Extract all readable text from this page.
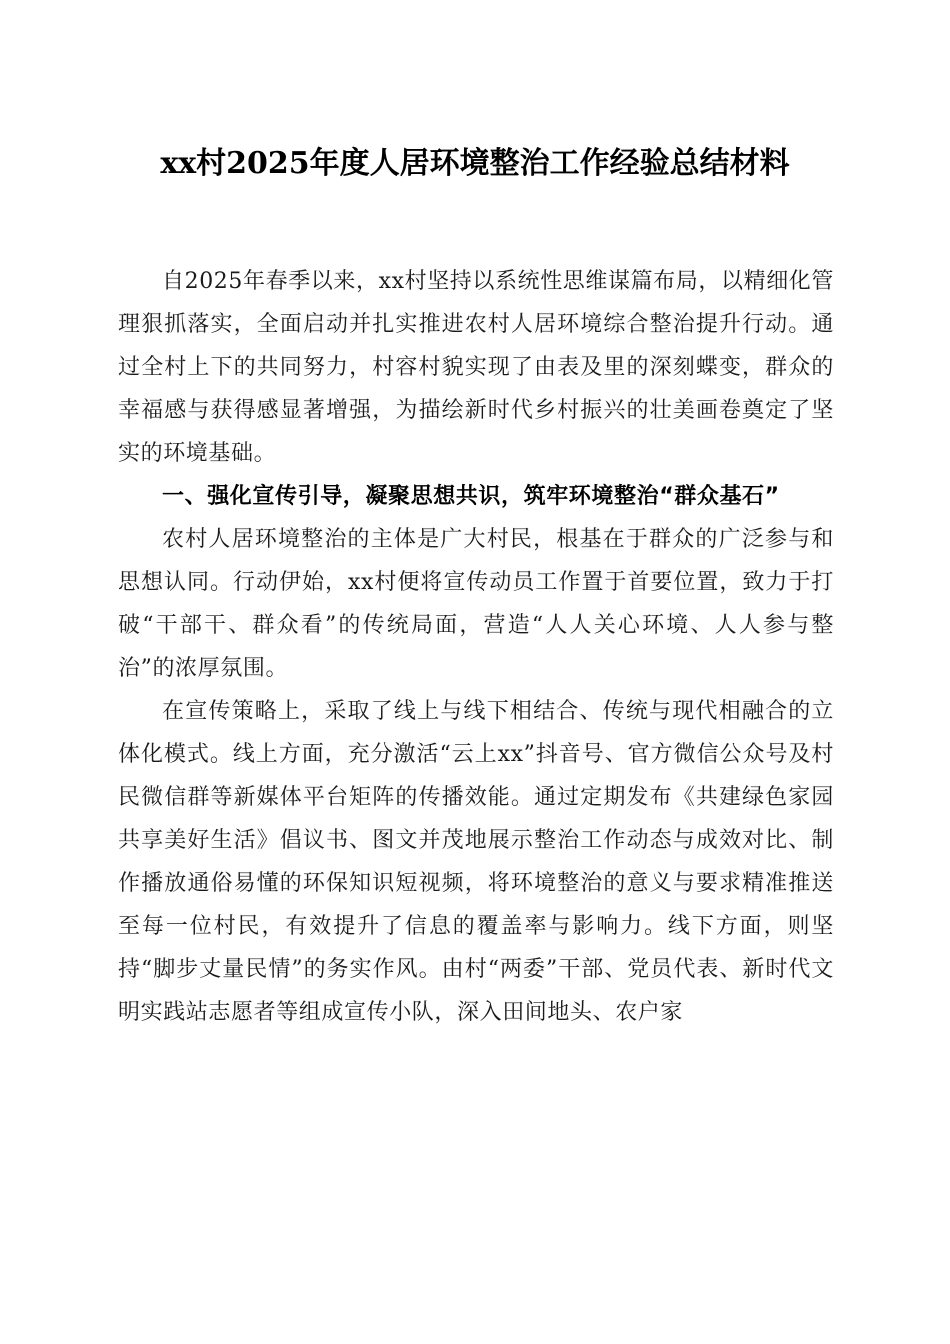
xx村2025年度人居环境整治工作经验总结材料

自2025年春季以来，xx村坚持以系统性思维谋篇布局，以精细化管理狠抓落实，全面启动并扎实推进农村人居环境综合整治提升行动。通过全村上下的共同努力，村容村貌实现了由表及里的深刻蝶变，群众的幸福感与获得感显著增强，为描绘新时代乡村振兴的壮美画卷奠定了坚实的环境基础。

一、强化宣传引导，凝聚思想共识，筑牢环境整治“群众基石”

农村人居环境整治的主体是广大村民，根基在于群众的广泛参与和思想认同。行动伊始，xx村便将宣传动员工作置于首要位置，致力于打破“干部干、群众看”的传统局面，营造“人人关心环境、人人参与整治”的浓厚氛围。

在宣传策略上，采取了线上与线下相结合、传统与现代相融合的立体化模式。线上方面，充分激活“云上xx”抖音号、官方微信公众号及村民微信群等新媒体平台矩阵的传播效能。通过定期发布《共建绿色家园共享美好生活》倡议书、图文并茂地展示整治工作动态与成效对比、制作播放通俗易懂的环保知识短视频，将环境整治的意义与要求精准推送至每一位村民，有效提升了信息的覆盖率与影响力。线下方面，则坚持“脚步丈量民情”的务实作风。由村“两委”干部、党员代表、新时代文明实践站志愿者等组成宣传小队，深入田间地头、农户家
